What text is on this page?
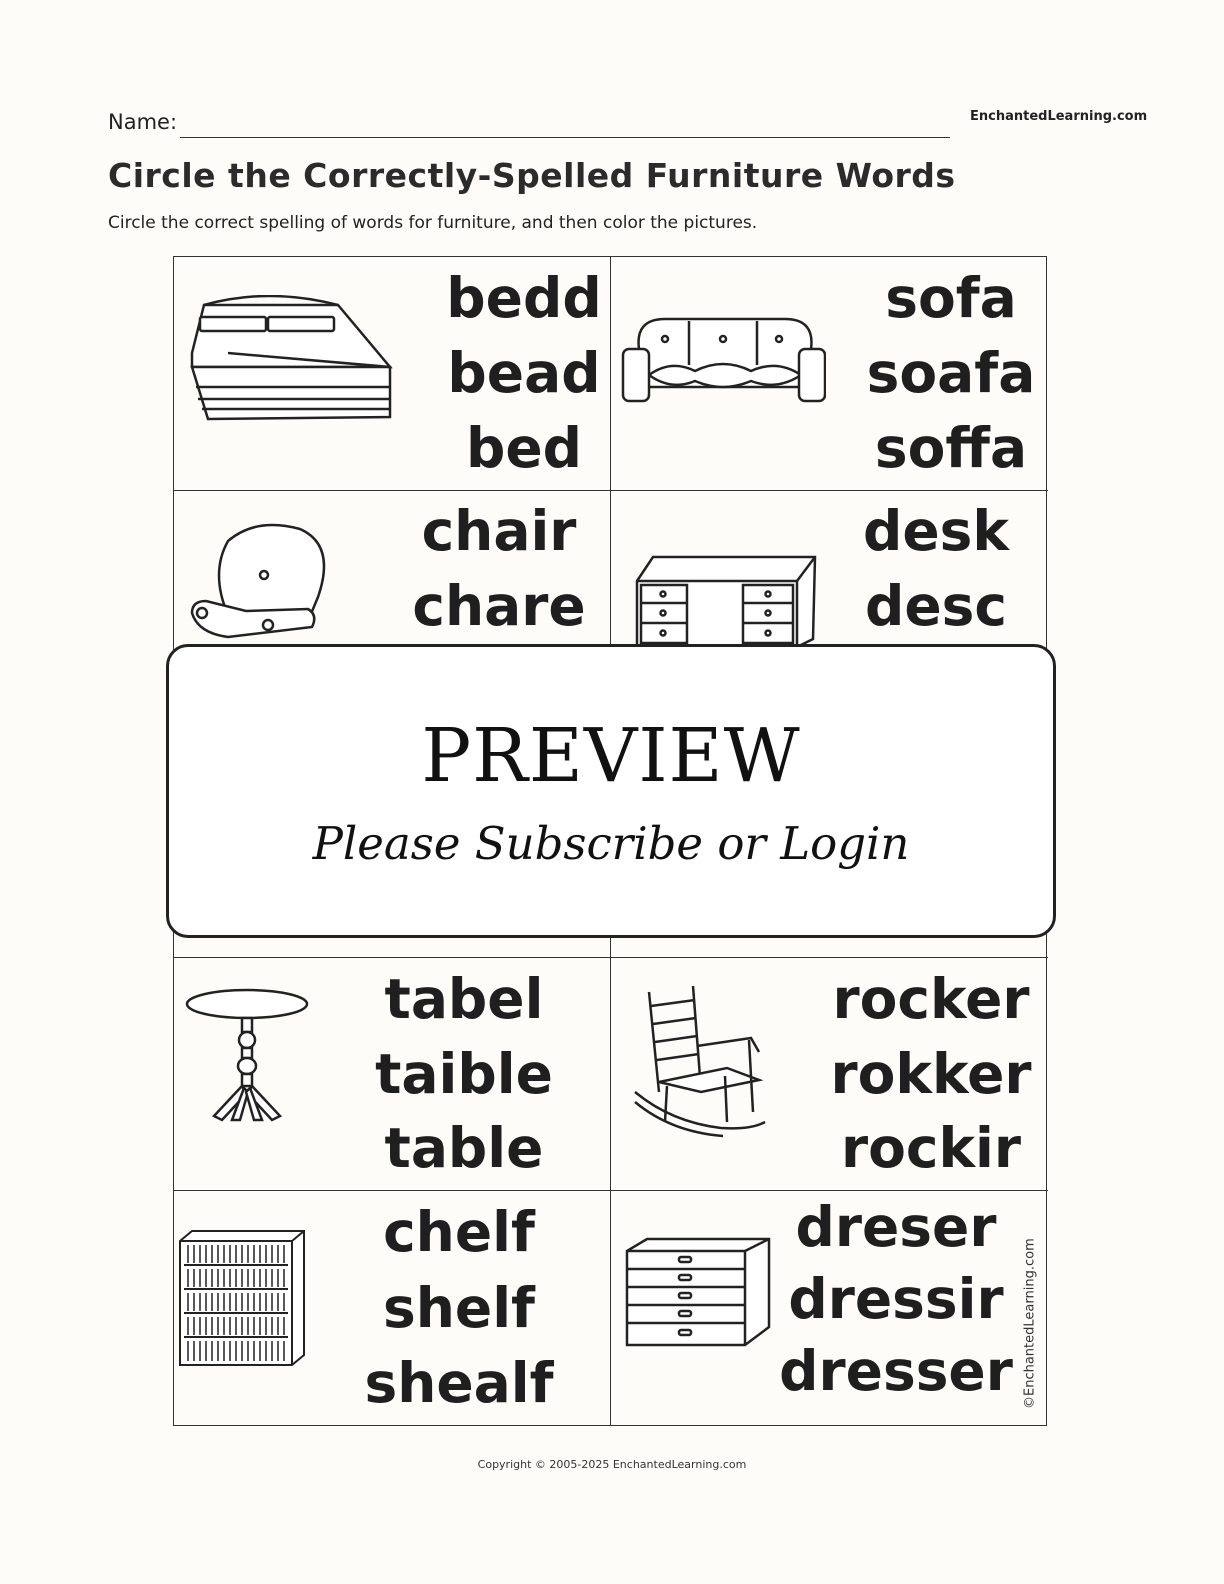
Name:	EnchantedLearning.com
Circle the Correctly-Spelled Furniture Words

Circle the correct spelling of words for furniture, and then color the pictures.

bedd
bead
bed
sofa
soafa
soffa
chair
chare
desk
desc
tabel
taible
table
rocker
rokker
rockir
chelf
shelf
shealf
dreser
dressir
dresser ©EnchantedLearning.com
PREVIEW
Please Subscribe or Login
Copyright © 2005-2025 EnchantedLearning.com
